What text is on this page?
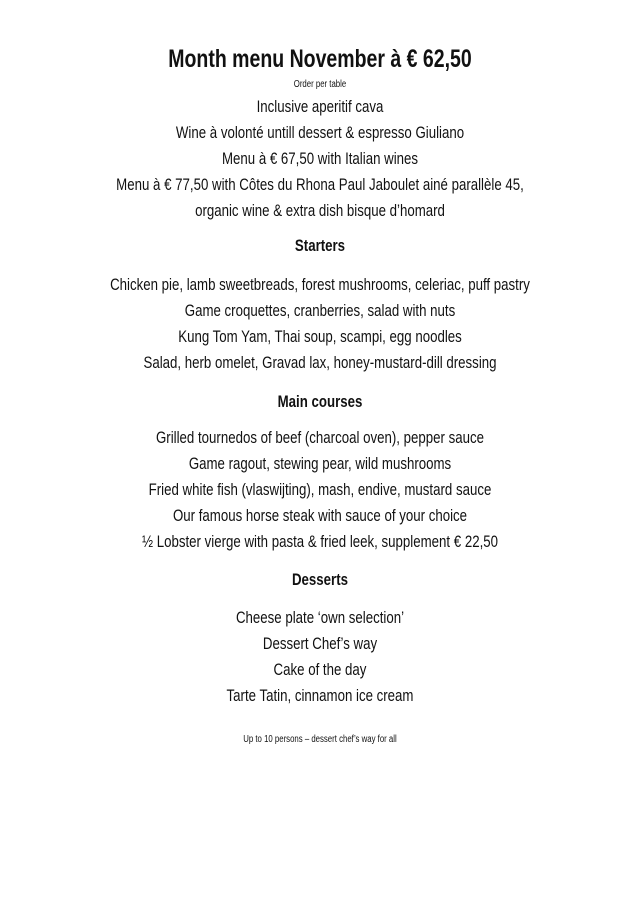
Month menu November à € 62,50
Order per table
Inclusive aperitif cava
Wine à volonté untill dessert & espresso Giuliano
Menu à € 67,50 with Italian wines
Menu à € 77,50 with Côtes du Rhona Paul Jaboulet ainé parallèle 45,
organic wine & extra dish bisque d’homard
Starters
Chicken pie, lamb sweetbreads, forest mushrooms, celeriac, puff pastry
Game croquettes, cranberries, salad with nuts
Kung Tom Yam, Thai soup, scampi, egg noodles
Salad, herb omelet, Gravad lax, honey-mustard-dill dressing
Main courses
Grilled tournedos of beef (charcoal oven), pepper sauce
Game ragout, stewing pear, wild mushrooms
Fried white fish (vlaswijting), mash, endive, mustard sauce
Our famous horse steak with sauce of your choice
½ Lobster vierge with pasta & fried leek, supplement € 22,50
Desserts
Cheese plate ‘own selection’
Dessert Chef’s way
Cake of the day
Tarte Tatin, cinnamon ice cream
Up to 10 persons – dessert chef’s way for all
